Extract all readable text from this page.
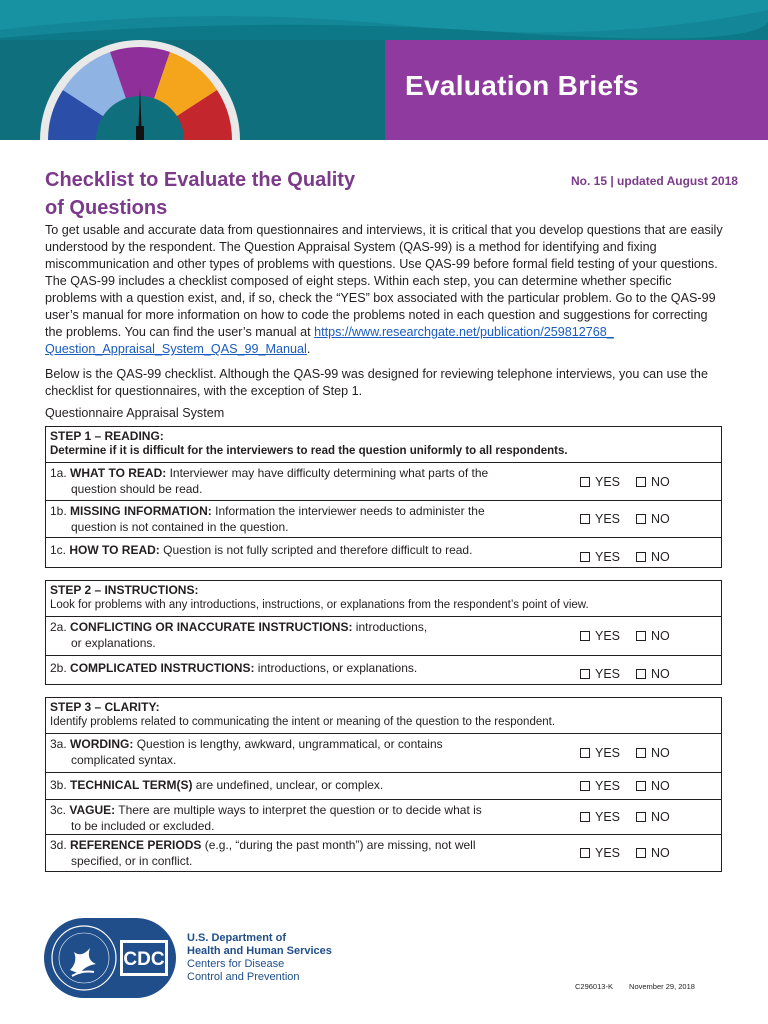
Evaluation Briefs
Checklist to Evaluate the Quality
of Questions
No. 15 | updated August 2018
To get usable and accurate data from questionnaires and interviews, it is critical that you develop questions that are easily understood by the respondent. The Question Appraisal System (QAS-99) is a method for identifying and fixing miscommunication and other types of problems with questions. Use QAS-99 before formal field testing of your questions. The QAS-99 includes a checklist composed of eight steps. Within each step, you can determine whether specific problems with a question exist, and, if so, check the “YES” box associated with the particular problem. Go to the QAS-99 user’s manual for more information on how to code the problems noted in each question and suggestions for correcting the problems. You can find the user’s manual at https://www.researchgate.net/publication/259812768_
Question_Appraisal_System_QAS_99_Manual.
Below is the QAS-99 checklist. Although the QAS-99 was designed for reviewing telephone interviews, you can use the checklist for questionnaires, with the exception of Step 1.
Questionnaire Appraisal System
STEP 1 – READING:
Determine if it is difficult for the interviewers to read the question uniformly to all respondents.
1a. WHAT TO READ: Interviewer may have difficulty determining what parts of the
question should be read.
YES NO
1b. MISSING INFORMATION: Information the interviewer needs to administer the
question is not contained in the question.
YES NO
1c. HOW TO READ: Question is not fully scripted and therefore difficult to read.	YES NO
STEP 2 – INSTRUCTIONS:
Look for problems with any introductions, instructions, or explanations from the respondent’s point of view.
2a. CONFLICTING OR INACCURATE INSTRUCTIONS: introductions,
or explanations.	YES NO
2b. COMPLICATED INSTRUCTIONS: introductions, or explanations.	YES NO
STEP 3 – CLARITY:
Identify problems related to communicating the intent or meaning of the question to the respondent.
3a. WORDING: Question is lengthy, awkward, ungrammatical, or contains
complicated syntax.	YES NO
3b. TECHNICAL TERM(S) are undefined, unclear, or complex.	YES NO
3c. VAGUE: There are multiple ways to interpret the question or to decide what is
to be included or excluded.
YES NO
3d. REFERENCE PERIODS (e.g., “during the past month”) are missing, not well
specified, or in conflict.
YES NO
CDC
U.S. Department of
Health and Human Services
Centers for Disease
Control and Prevention
C296013-K November 29, 2018
